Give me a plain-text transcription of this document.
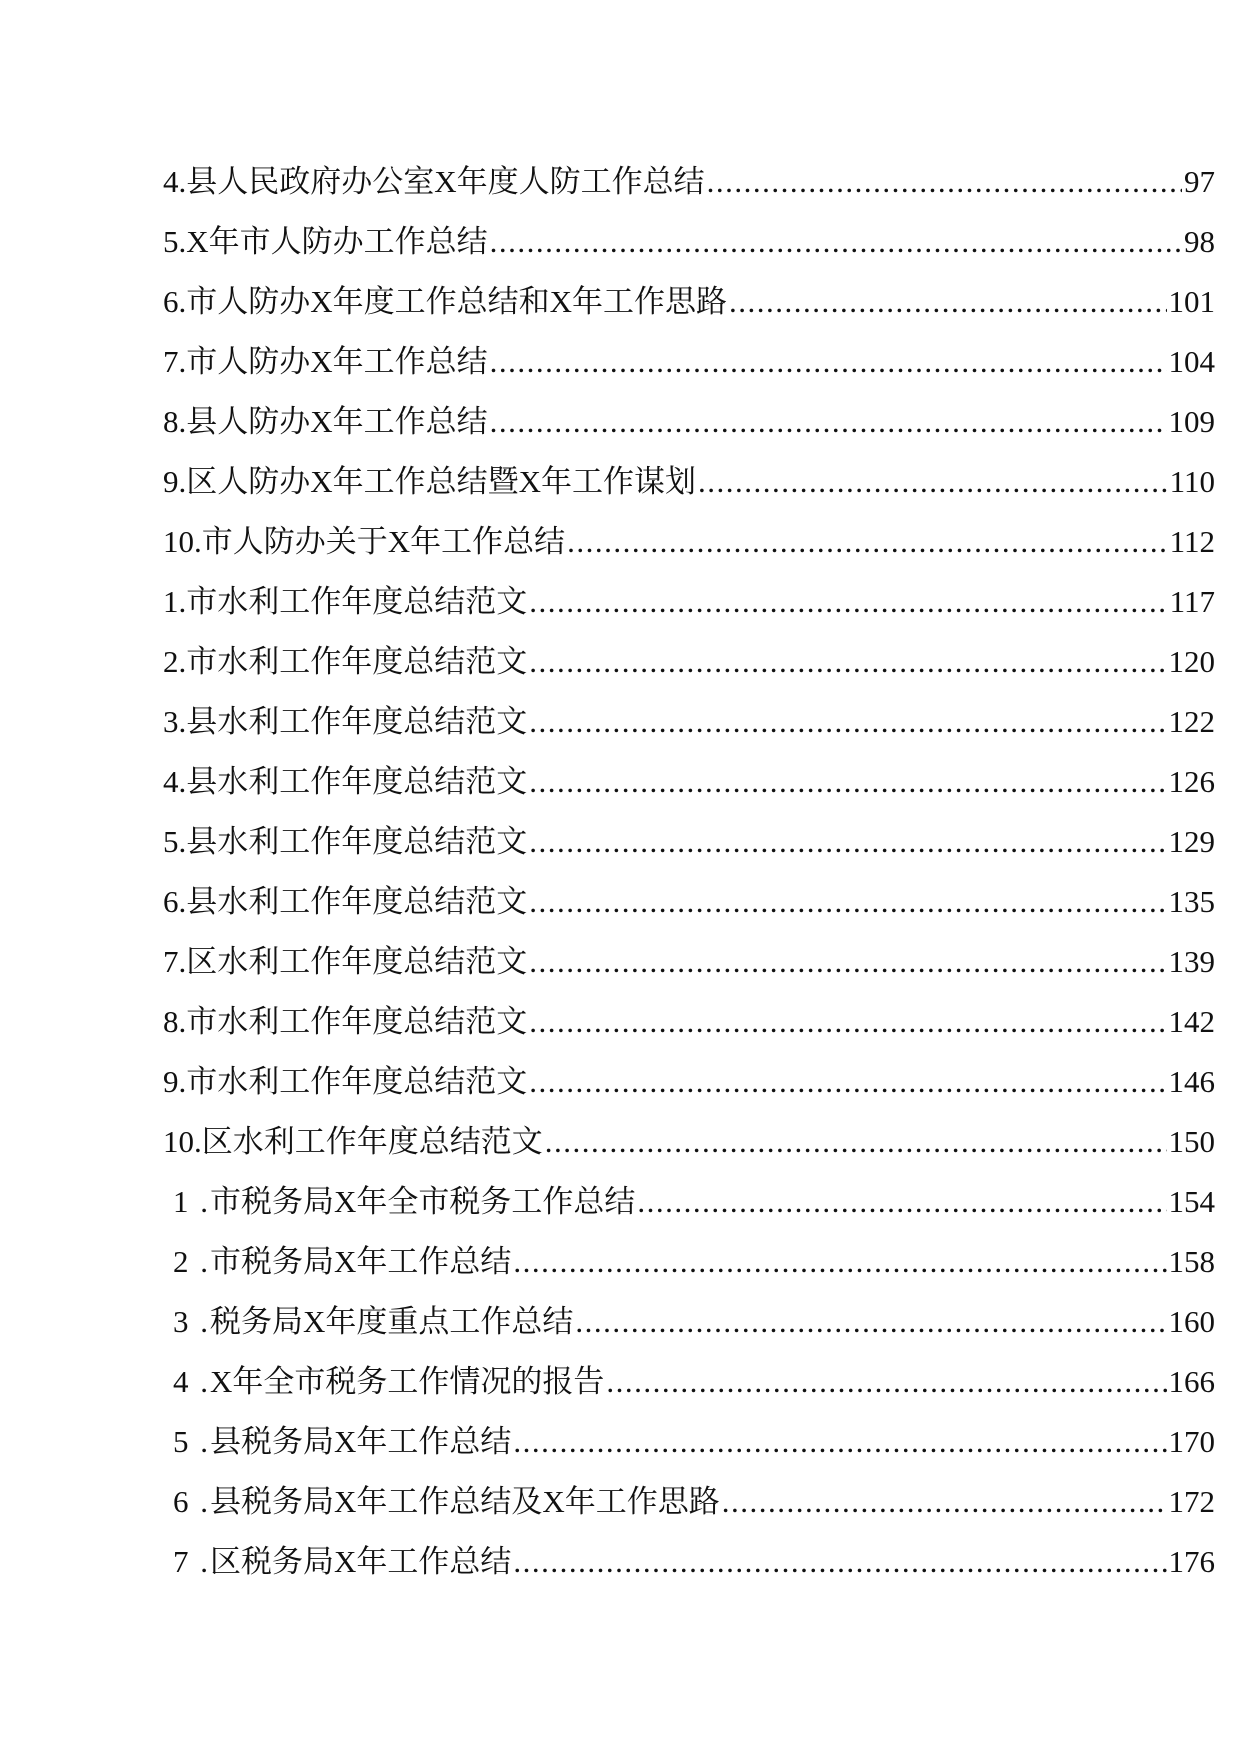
4. 县人民政府办公室X年度人防工作总结 .....	97
5. X年市人防办工作总结 .....	98
6. 市人防办X年度工作总结和X年工作思路 .....	101
7. 市人防办X年工作总结 .....	104
8. 县人防办X年工作总结 .....	109
9. 区人防办X年工作总结暨X年工作谋划 .....	110
10. 市人防办关于X年工作总结 .....	112
1. 市水利工作年度总结范文 .....	117
2. 市水利工作年度总结范文 .....	120
3. 县水利工作年度总结范文 .....	122
4. 县水利工作年度总结范文 .....	126
5. 县水利工作年度总结范文 .....	129
6. 县水利工作年度总结范文 .....	135
7. 区水利工作年度总结范文 .....	139
8. 市水利工作年度总结范文 .....	142
9. 市水利工作年度总结范文 .....	146
10. 区水利工作年度总结范文 .....	150
1 . 市税务局X年全市税务工作总结 .....	154
2 . 市税务局X年工作总结 .....	158
3 . 税务局X年度重点工作总结 .....	160
4 . X年全市税务工作情况的报告 .....	166
5 . 县税务局X年工作总结 .....	170
6 . 县税务局X年工作总结及X年工作思路 .....	172
7 . 区税务局X年工作总结 .....	176
